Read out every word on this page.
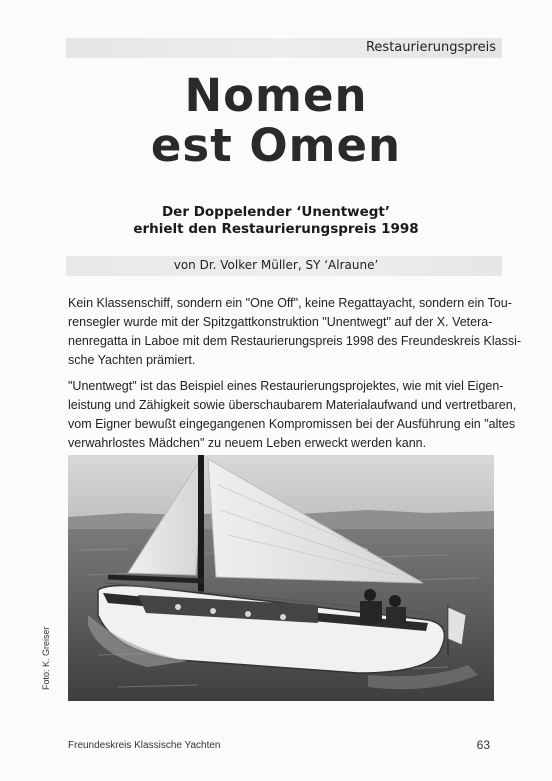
Restaurierungspreis
Nomen
est Omen
Der Doppelender ‘Unentwegt’
erhielt den Restaurierungspreis 1998
von Dr. Volker Müller, SY ‘Alraune’
Kein Klassenschiff, sondern ein "One Off", keine Regattayacht, sondern ein Tou-
rensegler wurde mit der Spitzgattkonstruktion "Unentwegt" auf der X. Vetera-
nenregatta in Laboe mit dem Restaurierungspreis 1998 des Freundeskreis Klassi-
sche Yachten prämiert.
"Unentwegt" ist das Beispiel eines Restaurierungsprojektes, wie mit viel Eigen-
leistung und Zähigkeit sowie überschaubarem Materialaufwand und vertretbaren,
vom Eigner bewußt eingegangenen Kompromissen bei der Ausführung ein "altes
verwahrlostes Mädchen" zu neuem Leben erweckt werden kann.
Foto: K. Greiser
Freundeskreis Klassische Yachten	63
